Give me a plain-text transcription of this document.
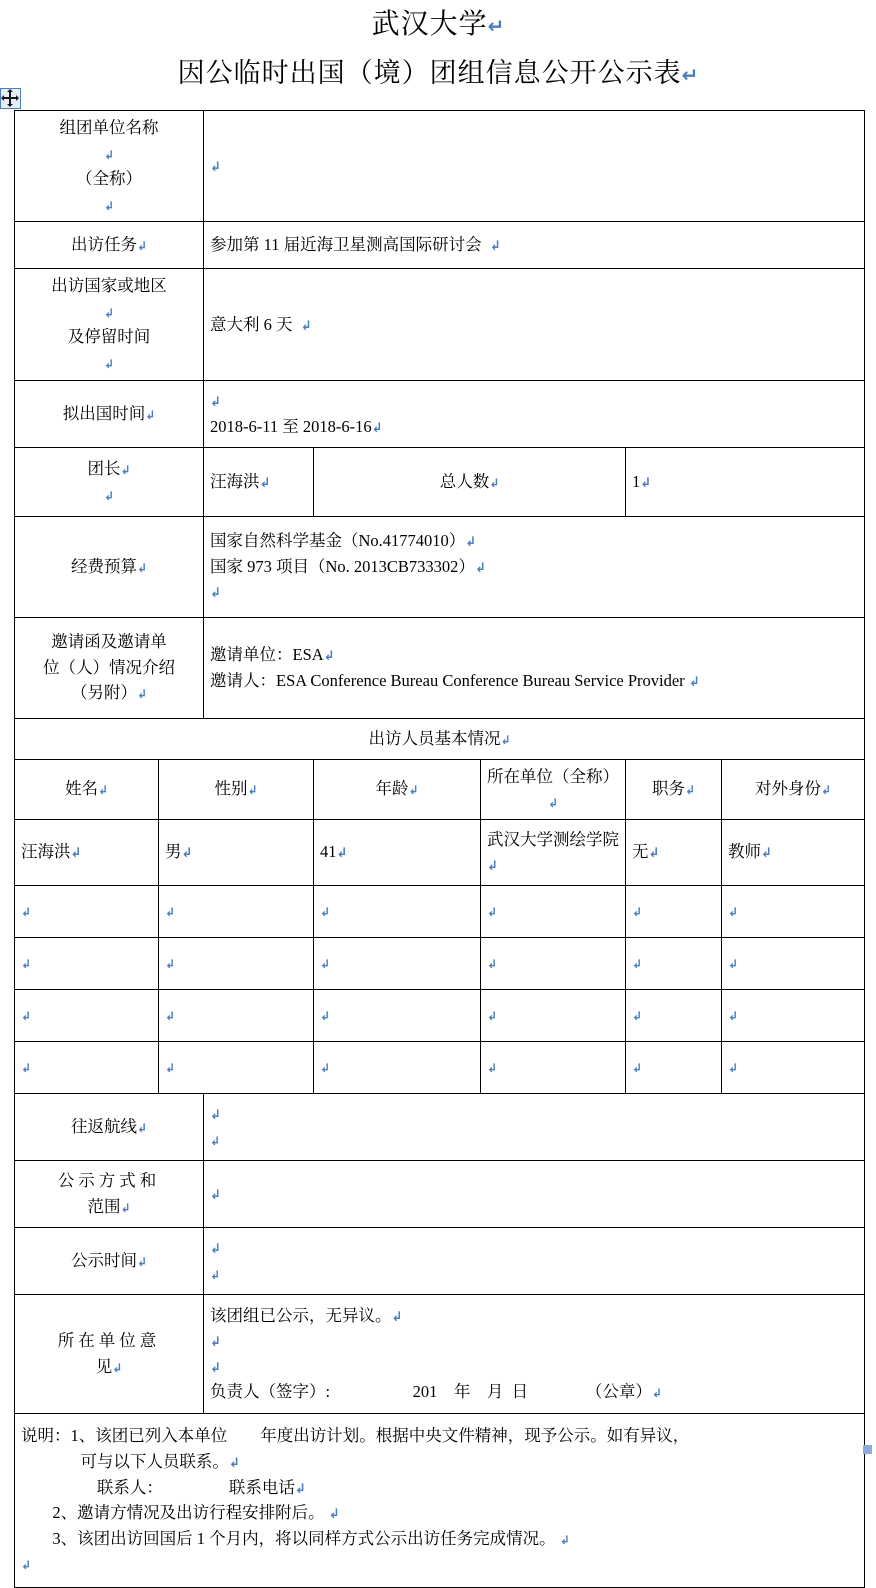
武汉大学↵
因公临时出国（境）团组信息公开公示表↵
组团单位名称
↲
（全称）
↲		↲				
出访任务↲		参加第 11 届近海卫星测高国际研讨会 ↲				

出访国家或地区
↲
及停留时间
↲		意大利 6 天 ↲				
拟出国时间↲		↲
2018-6-11 至 2018-6-16↲				
团长↲
↲		汪海洪↲	总人数↲		1↲	
经费预算↲		国家自然科学基金（No.41774010）↲
国家 973 项目（No. 2013CB733302）↲
↲				

邀请函及邀请单
位（人）情况介绍
（另附）↲

邀请单位：ESA↲
邀请人：ESA Conference Bureau Conference Bureau Service Provider ↲

出访人员基本情况↲						
姓名↲	性别↲		年龄↲	所在单位（全称）↲	职务↲	对外身份↲
汪海洪↲	男↲		41↲	武汉大学测绘学院↲	无↲	教师↲
↲	↲		↲	↲	↲	↲
↲	↲		↲	↲	↲	↲
↲	↲		↲	↲	↲	↲
↲	↲		↲	↲	↲	↲
往返航线↲		↲
↲				

公示方式和
范围↲		↲				
公示时间↲		↲
↲				

所在单位意
见↲

该团组已公示，无异议。↲
↲
↲
负责人（签字）:                    201    年    月  日              （公章）↲

说明：1、该团已列入本单位        年度出访计划。根据中央文件精神，现予公示。如有异议，
可与以下人员联系。↲
联系人：                联系电话↲
2、邀请方情况及出访行程安排附后。 ↲
3、该团出访回国后 1 个月内，将以同样方式公示出访任务完成情况。 ↲
↲
